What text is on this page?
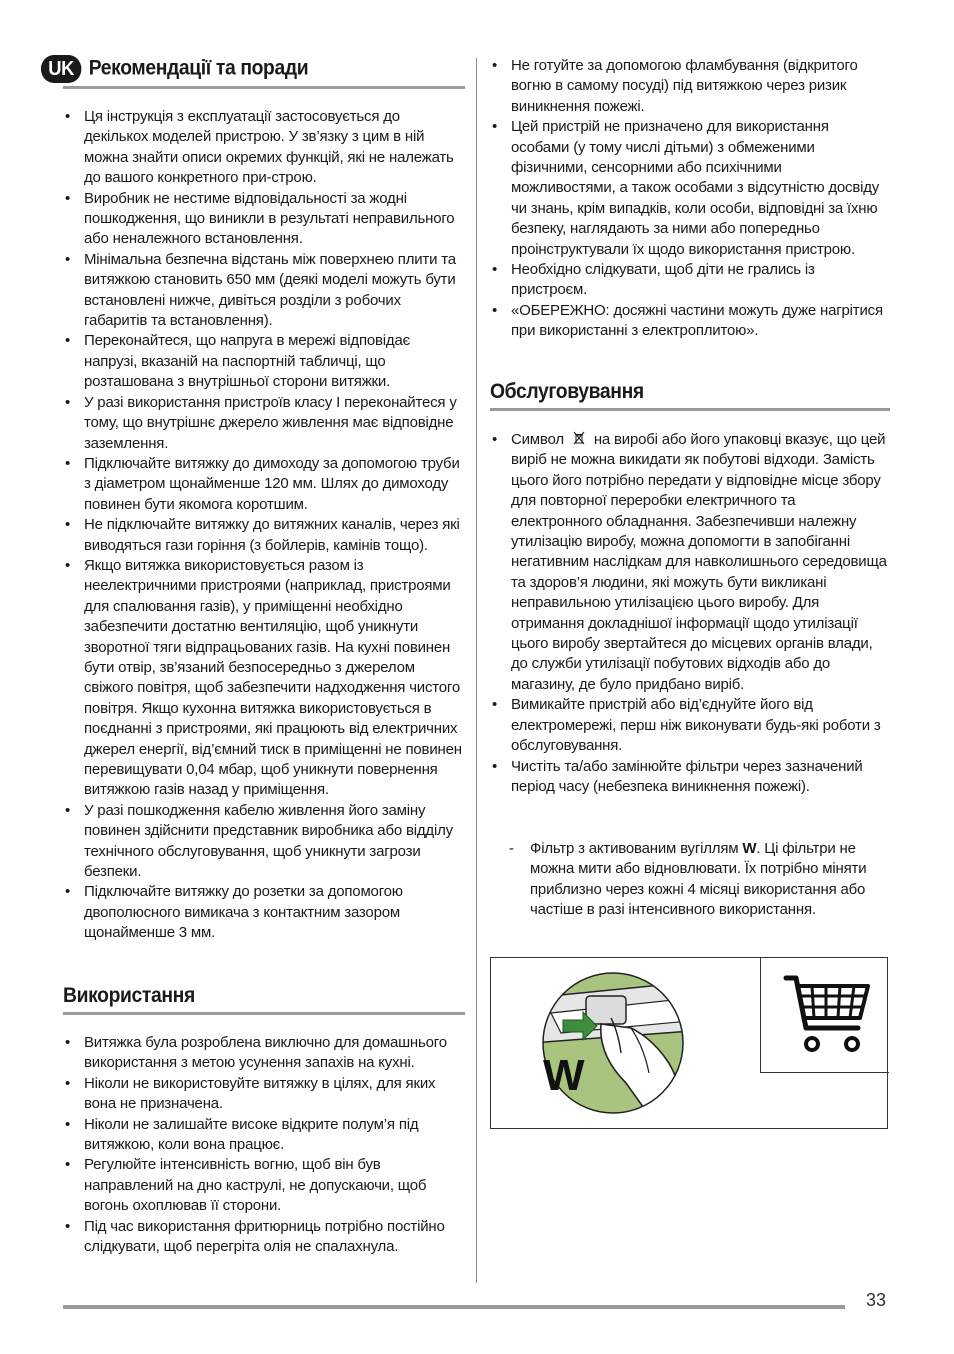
UK Рекомендації та поради
• Ця інструкція з експлуатації застосовується до декількох моделей пристрою. У зв’язку з цим в ній можна знайти описи окремих функцій, які не належать до вашого конкретного при-строю.
• Виробник не нестиме відповідальності за жодні пошкодження, що виникли в результаті неправильного або неналежного встановлення.
• Мінімальна безпечна відстань між поверхнею плити та витяжкою становить 650 мм (деякі моделі можуть бути встановлені нижче, дивіться розділи з робочих габаритів та встановлення).
• Переконайтеся, що напруга в мережі відповідає напрузі, вказаній на паспортній табличці, що розташована з внутрішньої сторони витяжки.
• У разі використання пристроїв класу I переконайтеся у тому, що внутрішнє джерело живлення має відповідне заземлення.
• Підключайте витяжку до димоходу за допомогою труби з діаметром щонайменше 120 мм. Шлях до димоходу повинен бути якомога коротшим.
• Не підключайте витяжку до витяжних каналів, через які виводяться гази горіння (з бойлерів, камінів тощо).
• Якщо витяжка використовується разом із неелектричними пристроями (наприклад, пристроями для спалювання газів), у приміщенні необхідно забезпечити достатню вентиляцію, щоб уникнути зворотної тяги відпрацьованих газів. На кухні повинен бути отвір, зв’язаний безпосередньо з джерелом свіжого повітря, щоб забезпечити надходження чистого повітря. Якщо кухонна витяжка використовується в поєднанні з пристроями, які працюють від електричних джерел енергії, від’ємний тиск в приміщенні не повинен перевищувати 0,04 мбар, щоб уникнути повернення витяжкою газів назад у приміщення.
• У разі пошкодження кабелю живлення його заміну повинен здійснити представник виробника або відділу технічного обслуговування, щоб уникнути загрози безпеки.
• Підключайте витяжку до розетки за допомогою двополюсного вимикача з контактним зазором щонайменше 3 мм.
Використання
• Витяжка була розроблена виключно для домашнього використання з метою усунення запахів на кухні.
• Ніколи не використовуйте витяжку в цілях, для яких вона не призначена.
• Ніколи не залишайте високе відкрите полум’я під витяжкою, коли вона працює.
• Регулюйте інтенсивність вогню, щоб він був направлений на дно каструлі, не допускаючи, щоб вогонь охоплював її сторони.
• Під час використання фритюрниць потрібно постійно слідкувати, щоб перегріта олія не спалахнула.
• Не готуйте за допомогою фламбування (відкритого вогню в самому посуді) під витяжкою через ризик виникнення пожежі.
• Цей пристрій не призначено для використання особами (у тому числі дітьми) з обмеженими фізичними, сенсорними або психічними можливостями, а також особами з відсутністю досвіду чи знань, крім випадків, коли особи, відповідні за їхню безпеку, наглядають за ними або попередньо проінструктували їх щодо використання пристрою.
• Необхідно слідкувати, щоб діти не грались із пристроєм.
• «ОБЕРЕЖНО: досяжні частини можуть дуже нагрітися при використанні з електроплитою».
Обслуговування
• Символ на виробі або його упаковці вказує, що цей виріб не можна викидати як побутові відходи. Замість цього його потрібно передати у відповідне місце збору для повторної переробки електричного та електронного обладнання. Забезпечивши належну утилізацію виробу, можна допомогти в запобіганні негативним наслідкам для навколишнього середовища та здоров’я людини, які можуть бути викликані неправильною утилізацією цього виробу. Для отримання докладнішої інформації щодо утилізації цього виробу звертайтеся до місцевих органів влади, до служби утилізації побутових відходів або до магазину, де було придбано виріб.
• Вимикайте пристрій або від’єднуйте його від електромережі, перш ніж виконувати будь-які роботи з обслуговування.
• Чистіть та/або замінюйте фільтри через зазначений період часу (небезпека виникнення пожежі).
- Фільтр з активованим вугіллям W. Ці фільтри не можна мити або відновлювати. Їх потрібно міняти приблизно через кожні 4 місяці використання або частіше в разі інтенсивного використання.
W
33
